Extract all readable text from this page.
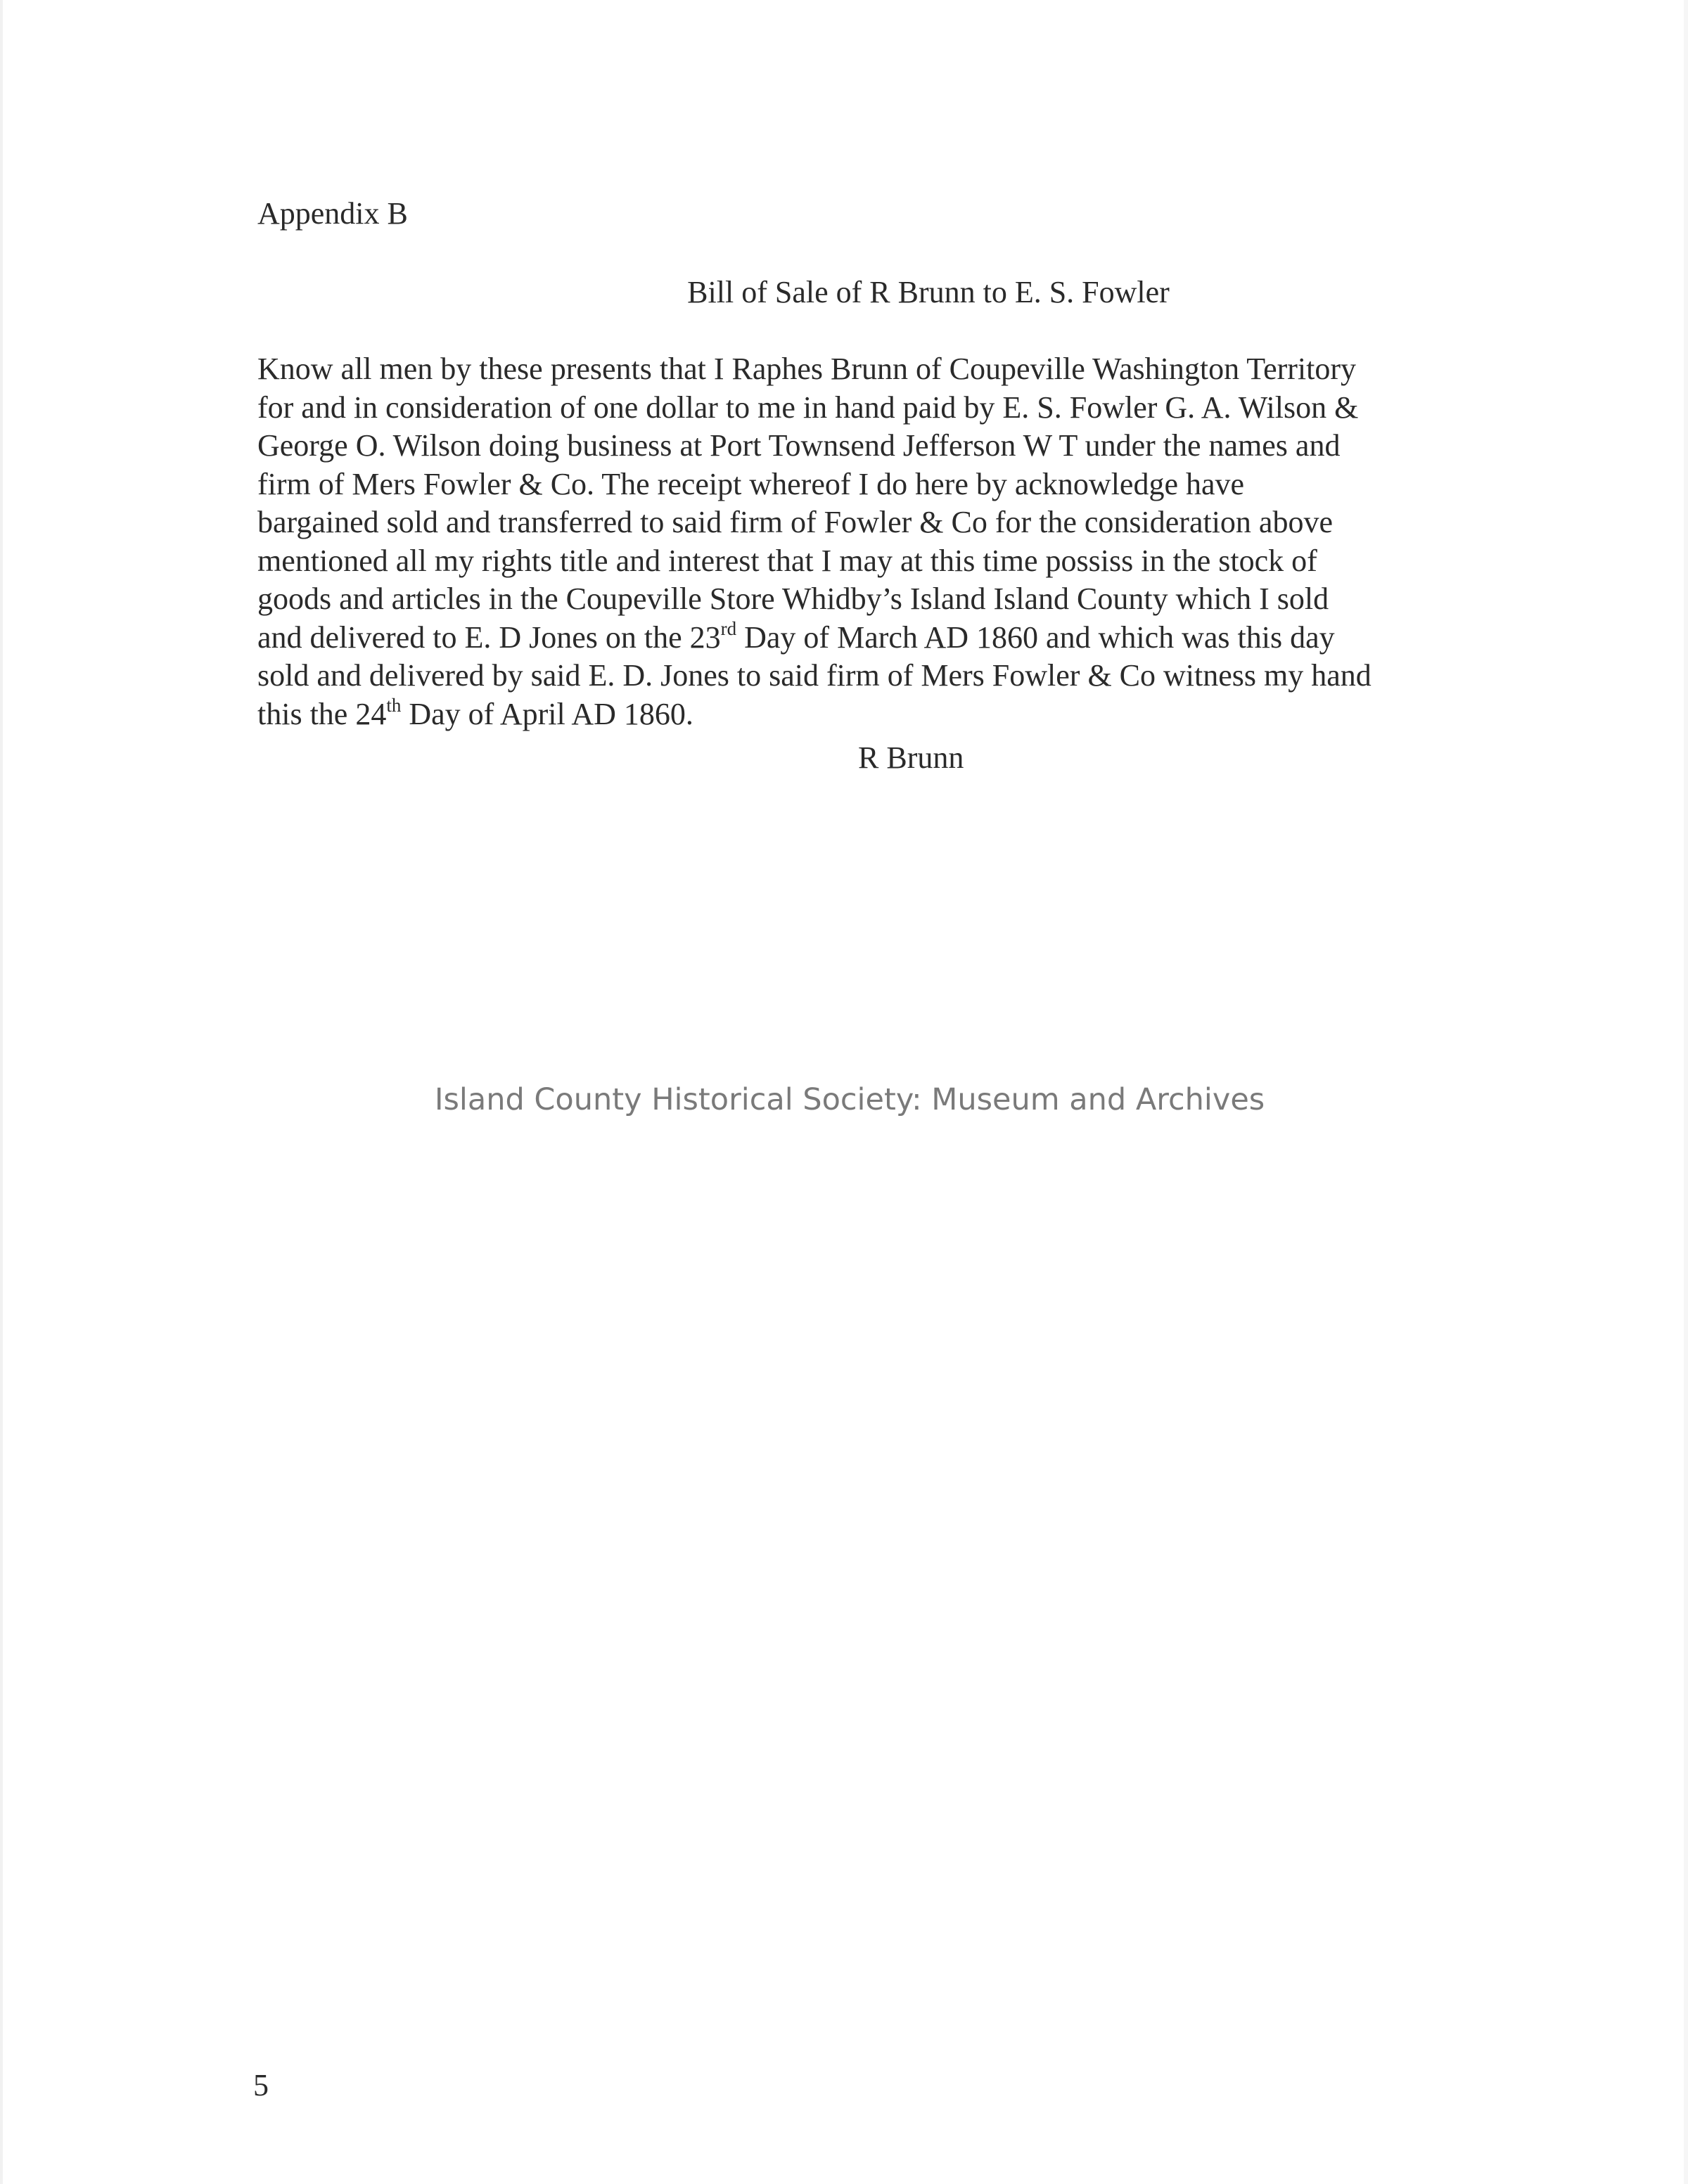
Appendix B
Bill of Sale of R Brunn to E. S. Fowler
Know all men by these presents that I Raphes Brunn of Coupeville Washington Territory
for and in consideration of one dollar to me in hand paid by E. S. Fowler G. A. Wilson &
George O. Wilson doing business at Port Townsend Jefferson W T under the names and
firm of Mers Fowler & Co. The receipt whereof I do here by acknowledge have
bargained sold and transferred to said firm of Fowler & Co for the consideration above
mentioned all my rights title and interest that I may at this time possiss in the stock of
goods and articles in the Coupeville Store Whidby’s Island Island County which I sold
and delivered to E. D Jones on the 23rd Day of March AD 1860 and which was this day
sold and delivered by said E. D. Jones to said firm of Mers Fowler & Co witness my hand
this the 24th Day of April AD 1860.
R Brunn
Island County Historical Society: Museum and Archives
5
